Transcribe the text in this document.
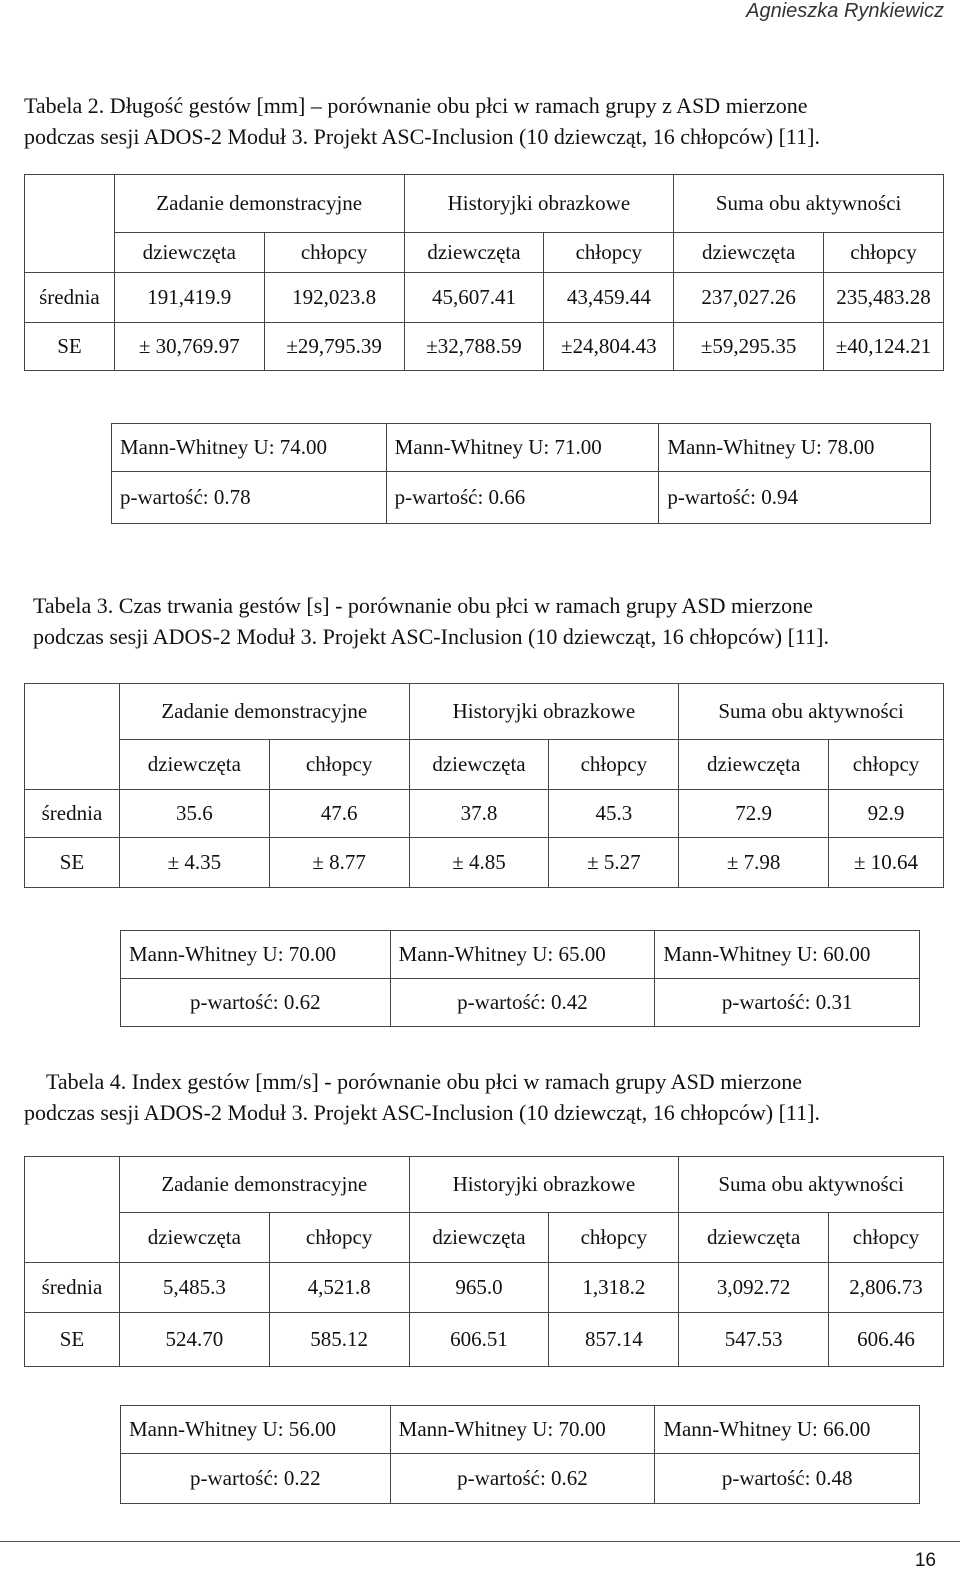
Agnieszka Rynkiewicz
Tabela 2. Długość gestów [mm] – porównanie obu płci w ramach grupy z ASD mierzone
podczas sesji ADOS-2 Moduł 3. Projekt ASC-Inclusion (10 dziewcząt, 16 chłopców) [11].
	Zadanie demonstracyjne		Historyjki obrazkowe		Suma obu aktywności	
	dziewczęta	chłopcy	dziewczęta	chłopcy	dziewczęta	chłopcy
średnia	191,419.9	192,023.8	45,607.41	43,459.44	237,027.26	235,483.28
SE	± 30,769.97	±29,795.39	±32,788.59	±24,804.43	±59,295.35	±40,124.21
Mann-Whitney U: 74.00	Mann-Whitney U: 71.00	Mann-Whitney U: 78.00
p-wartość: 0.78	p-wartość: 0.66	p-wartość: 0.94
Tabela 3. Czas trwania gestów [s] - porównanie obu płci w ramach grupy ASD mierzone
podczas sesji ADOS-2 Moduł 3. Projekt ASC-Inclusion (10 dziewcząt, 16 chłopców) [11].
	Zadanie demonstracyjne		Historyjki obrazkowe		Suma obu aktywności	
	dziewczęta	chłopcy	dziewczęta	chłopcy	dziewczęta	chłopcy
średnia	35.6	47.6	37.8	45.3	72.9	92.9
SE	± 4.35	± 8.77	± 4.85	± 5.27	± 7.98	± 10.64
Mann-Whitney U: 70.00	Mann-Whitney U: 65.00	Mann-Whitney U: 60.00
p-wartość: 0.62	p-wartość: 0.42	p-wartość: 0.31
Tabela 4. Index gestów [mm/s] - porównanie obu płci w ramach grupy ASD mierzone
podczas sesji ADOS-2 Moduł 3. Projekt ASC-Inclusion (10 dziewcząt, 16 chłopców) [11].
	Zadanie demonstracyjne		Historyjki obrazkowe		Suma obu aktywności	
	dziewczęta	chłopcy	dziewczęta	chłopcy	dziewczęta	chłopcy
średnia	5,485.3	4,521.8	965.0	1,318.2	3,092.72	2,806.73
SE	524.70	585.12	606.51	857.14	547.53	606.46
Mann-Whitney U: 56.00	Mann-Whitney U: 70.00	Mann-Whitney U: 66.00
p-wartość: 0.22	p-wartość: 0.62	p-wartość: 0.48
16
